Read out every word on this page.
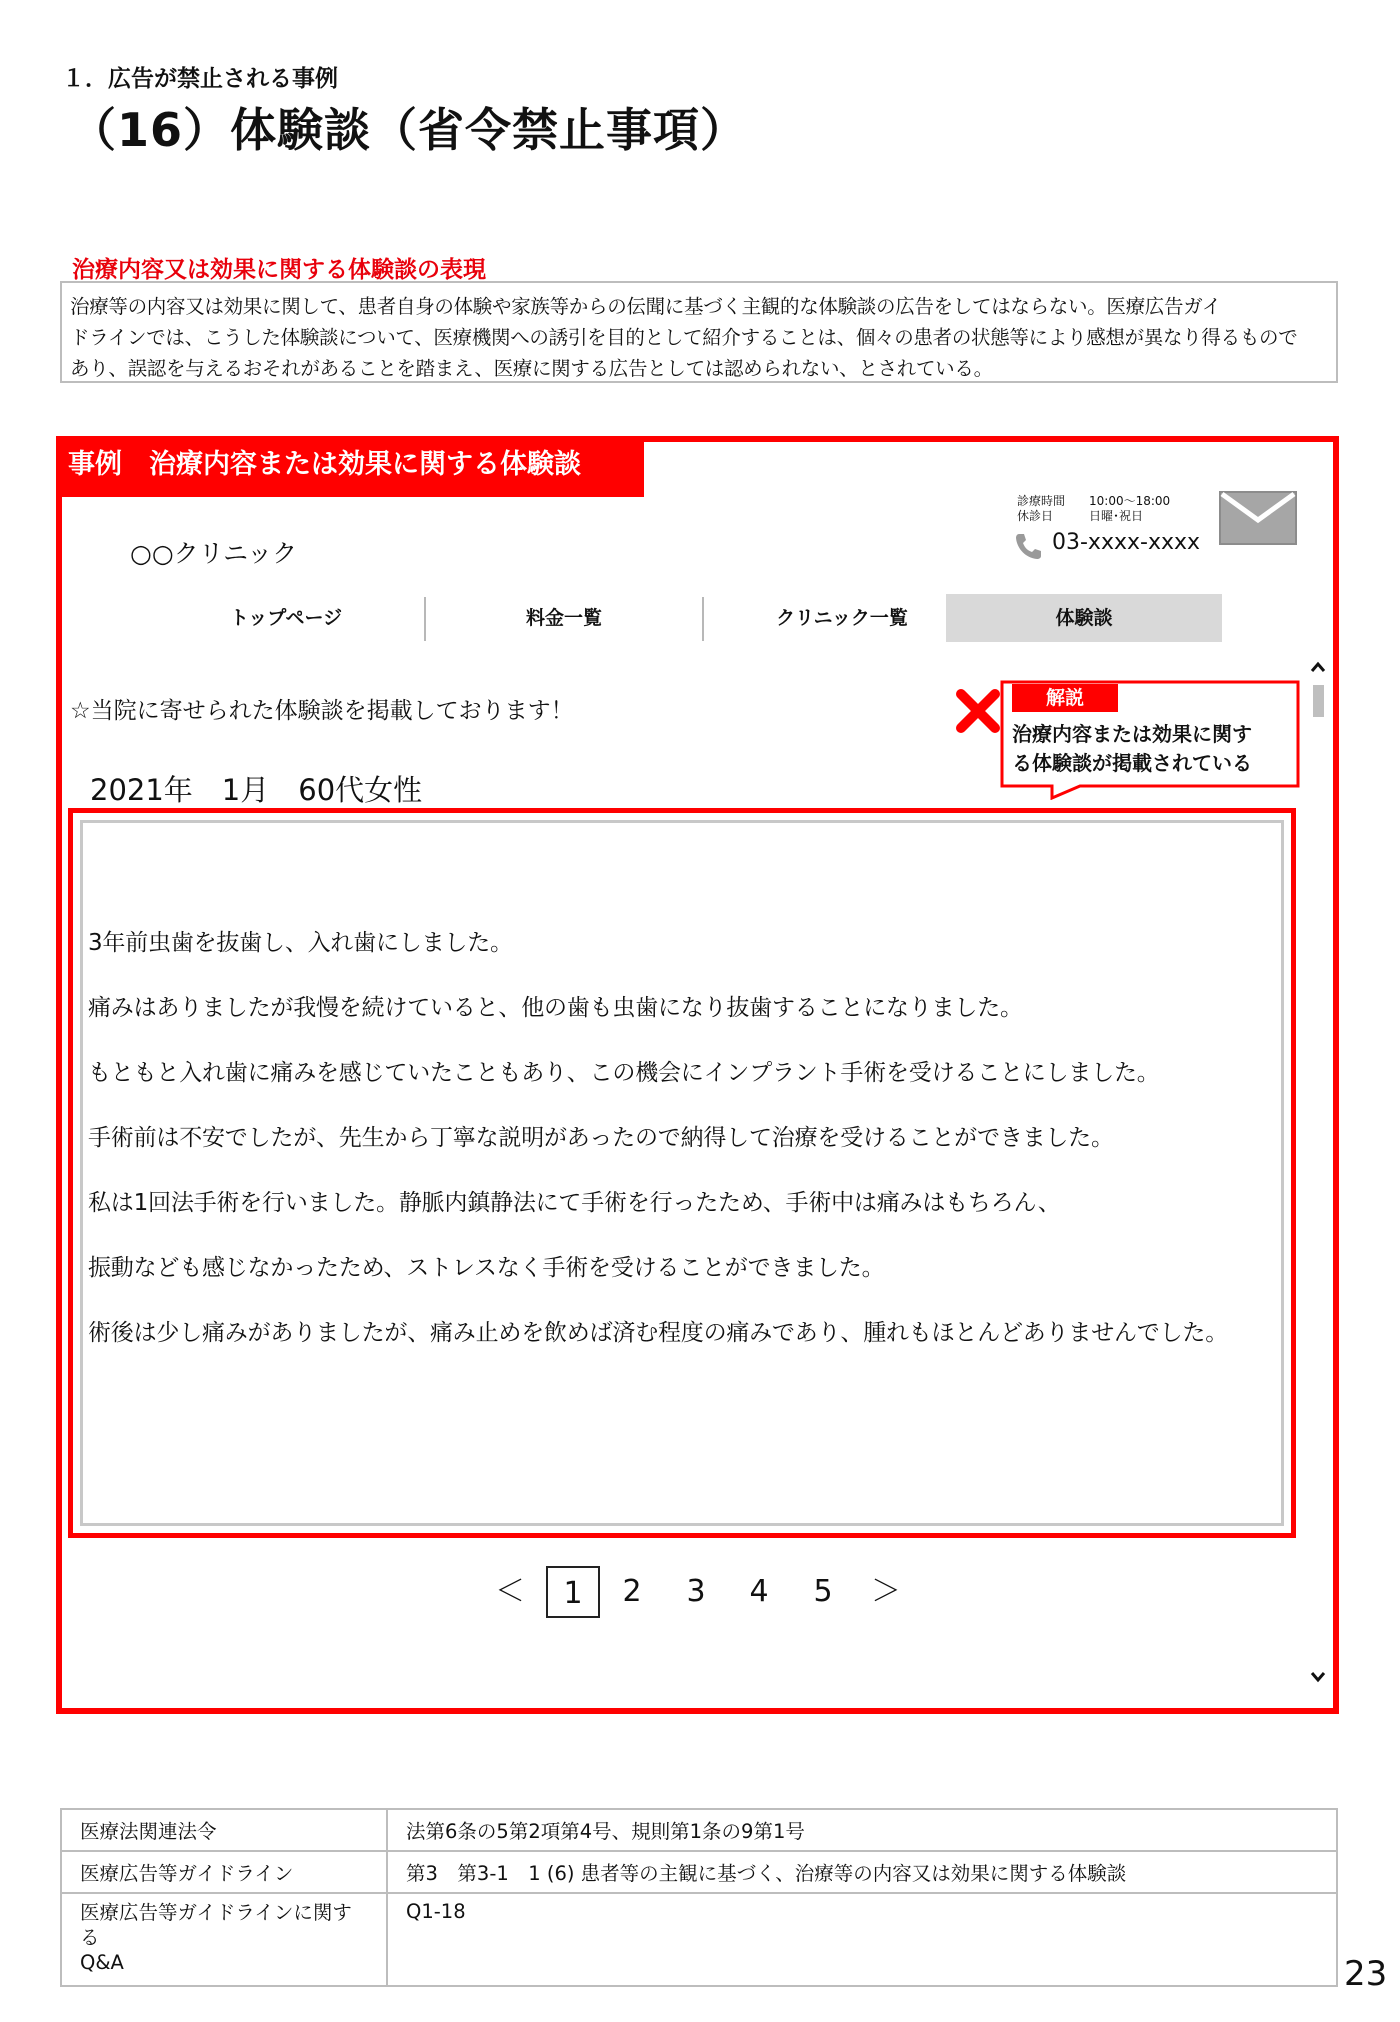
１．広告が禁止される事例
（16）体験談（省令禁止事項）
治療内容又は効果に関する体験談の表現
治療等の内容又は効果に関して、患者自身の体験や家族等からの伝聞に基づく主観的な体験談の広告をしてはならない。医療広告ガイ
ドラインでは、こうした体験談について、医療機関への誘引を目的として紹介することは、個々の患者の状態等により感想が異なり得るもので
あり、誤認を与えるおそれがあることを踏まえ、医療に関する広告としては認められない、とされている。
事例　治療内容または効果に関する体験談
○○クリニック
診療時間 10:00～18:00
休診日	日曜･祝日
03-xxxx-xxxx
トップページ	料金一覧	クリニック一覧	体験談
☆当院に寄せられた体験談を掲載しております！
2021年　1月　60代女性
解説
治療内容または効果に関す
る体験談が掲載されている
3年前虫歯を抜歯し、入れ歯にしました。
痛みはありましたが我慢を続けていると、他の歯も虫歯になり抜歯することになりました。
もともと入れ歯に痛みを感じていたこともあり、この機会にインプラント手術を受けることにしました。
手術前は不安でしたが、先生から丁寧な説明があったので納得して治療を受けることができました。
私は1回法手術を行いました。静脈内鎮静法にて手術を行ったため、手術中は痛みはもちろん、
振動なども感じなかったため、ストレスなく手術を受けることができました。
術後は少し痛みがありましたが、痛み止めを飲めば済む程度の痛みであり、腫れもほとんどありませんでした。
＜	1	2	3	4	5	＞
医療法関連法令	法第6条の5第2項第4号、規則第1条の9第1号
医療広告等ガイドライン	第3　第3-1　1 (6) 患者等の主観に基づく、治療等の内容又は効果に関する体験談
医療広告等ガイドラインに関する
Q&A	Q1-18
23
